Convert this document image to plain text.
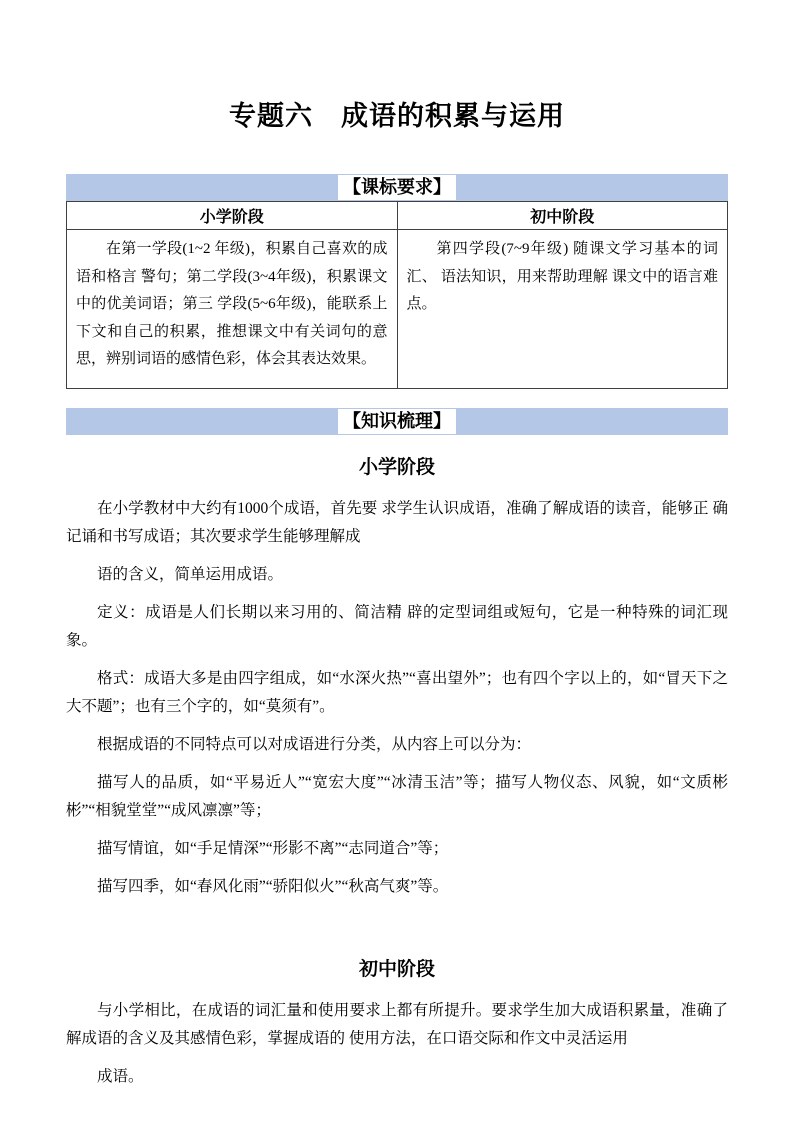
专题六　成语的积累与运用
【课标要求】
小学阶段	初中阶段
在第一学段(1~2 年级)，积累自己喜欢的成语和格言 警句；第二学段(3~4年级)，积累课文中的优美词语；第三 学段(5~6年级)，能联系上下文和自己的积累，推想课文中有关词句的意思，辨别词语的感情色彩，体会其表达效果。	第四学段(7~9年级) 随课文学习基本的词汇、 语法知识，用来帮助理解 课文中的语言难点。
【知识梳理】
小学阶段

在小学教材中大约有1000个成语，首先要 求学生认识成语，准确了解成语的读音，能够正 确记诵和书写成语；其次要求学生能够理解成

语的含义，简单运用成语。

定义：成语是人们长期以来习用的、简洁精 辟的定型词组或短句，它是一种特殊的词汇现象。

格式：成语大多是由四字组成，如“水深火热”“喜出望外”；也有四个字以上的，如“冒天下之大不题”；也有三个字的，如“莫须有”。

根据成语的不同特点可以对成语进行分类，从内容上可以分为：

描写人的品质，如“平易近人”“宽宏大度”“冰清玉洁”等；描写人物仪态、风貌，如“文质彬彬”“相貌堂堂”“成风凛凛”等；

描写情谊，如“手足情深”“形影不离”“志同道合”等；

描写四季，如“春风化雨”“骄阳似火”“秋高气爽”等。

初中阶段

与小学相比，在成语的词汇量和使用要求上都有所提升。要求学生加大成语积累量，准确了解成语的含义及其感情色彩，掌握成语的 使用方法，在口语交际和作文中灵活运用

成语。
